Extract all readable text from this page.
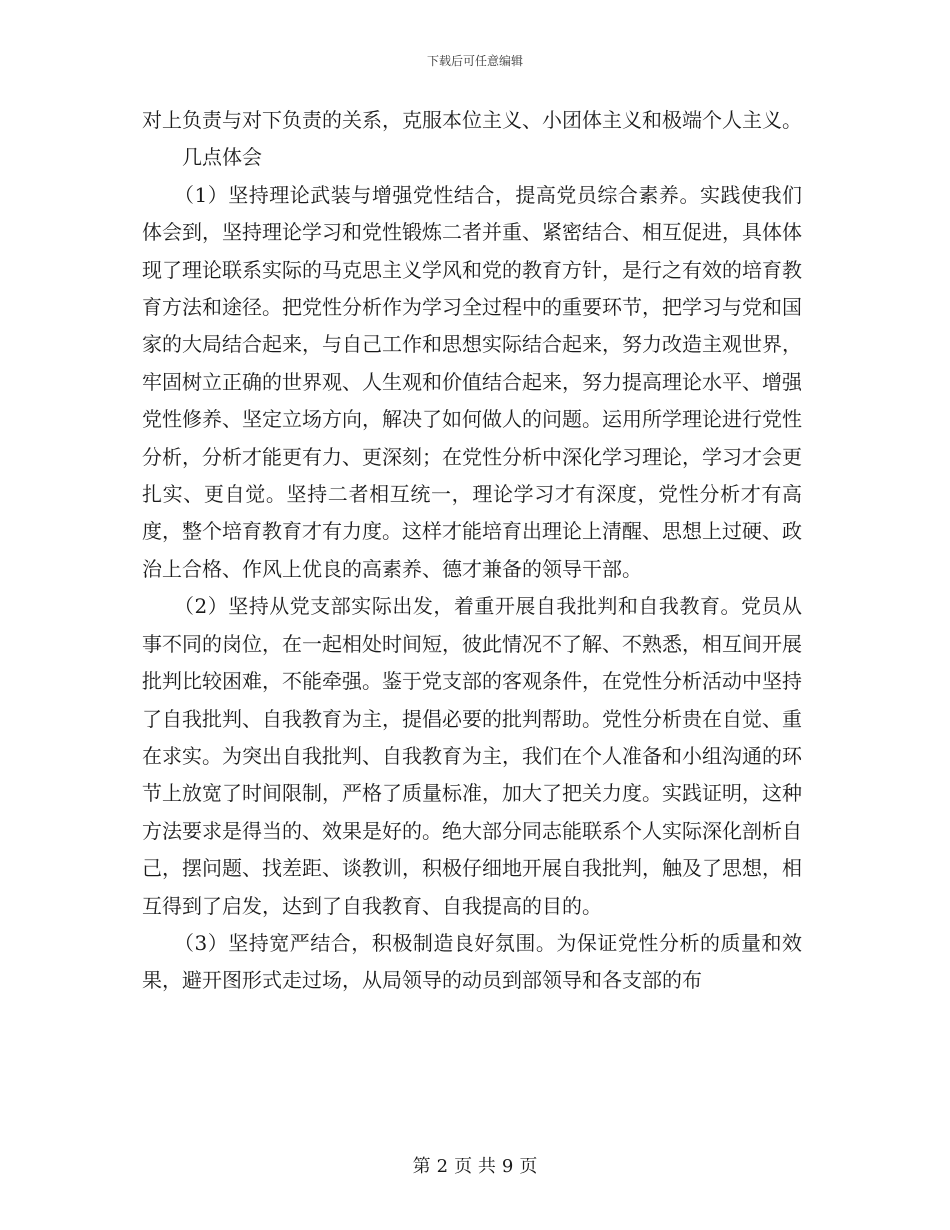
下载后可任意编辑

对上负责与对下负责的关系，克服本位主义、小团体主义和极端个人主义。

几点体会

（1）坚持理论武装与增强党性结合，提高党员综合素养。实践使我们体会到，坚持理论学习和党性锻炼二者并重、紧密结合、相互促进，具体体现了理论联系实际的马克思主义学风和党的教育方针，是行之有效的培育教育方法和途径。把党性分析作为学习全过程中的重要环节，把学习与党和国家的大局结合起来，与自己工作和思想实际结合起来，努力改造主观世界，牢固树立正确的世界观、人生观和价值结合起来，努力提高理论水平、增强党性修养、坚定立场方向，解决了如何做人的问题。运用所学理论进行党性分析，分析才能更有力、更深刻；在党性分析中深化学习理论，学习才会更扎实、更自觉。坚持二者相互统一，理论学习才有深度，党性分析才有高度，整个培育教育才有力度。这样才能培育出理论上清醒、思想上过硬、政治上合格、作风上优良的高素养、德才兼备的领导干部。

（2）坚持从党支部实际出发，着重开展自我批判和自我教育。党员从事不同的岗位，在一起相处时间短，彼此情况不了解、不熟悉，相互间开展批判比较困难，不能牵强。鉴于党支部的客观条件，在党性分析活动中坚持了自我批判、自我教育为主，提倡必要的批判帮助。党性分析贵在自觉、重在求实。为突出自我批判、自我教育为主，我们在个人准备和小组沟通的环节上放宽了时间限制，严格了质量标准，加大了把关力度。实践证明，这种方法要求是得当的、效果是好的。绝大部分同志能联系个人实际深化剖析自己，摆问题、找差距、谈教训，积极仔细地开展自我批判，触及了思想，相互得到了启发，达到了自我教育、自我提高的目的。

（3）坚持宽严结合，积极制造良好氛围。为保证党性分析的质量和效果，避开图形式走过场，从局领导的动员到部领导和各支部的布

第 2 页 共 9 页
